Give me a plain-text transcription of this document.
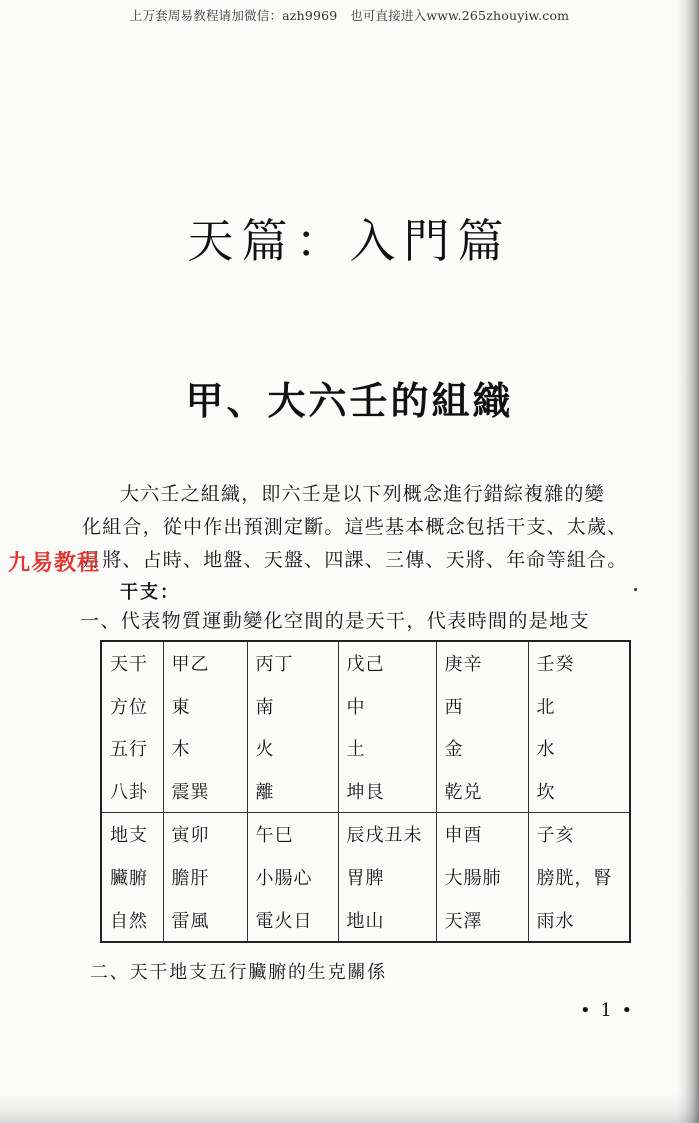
上万套周易教程请加微信：azh9969　也可直接进入www.265zhouyiw.com
天篇：入門篇
甲、大六壬的組織

大六壬之組織，即六壬是以下列概念進行錯綜複雜的變

化組合，從中作出預測定斷。這些基本概念包括干支、太歲、

月將、占時、地盤、天盤、四課、三傳、天將、年命等組合。

九易教程
干支：
一、代表物質運動變化空間的是天干，代表時間的是地支
天干	甲乙	丙丁	戊己	庚辛	壬癸
方位	東	南	中	西	北
五行	木	火	土	金	水
八卦	震巽	離	坤艮	乾兑	坎
地支	寅卯	午巳	辰戌丑未	申酉	子亥
臟腑	膽肝	小腸心	胃脾	大腸肺	膀胱，腎
自然	雷風	電火日	地山	天澤	雨水
二、天干地支五行臟腑的生克關係
• 1 •
